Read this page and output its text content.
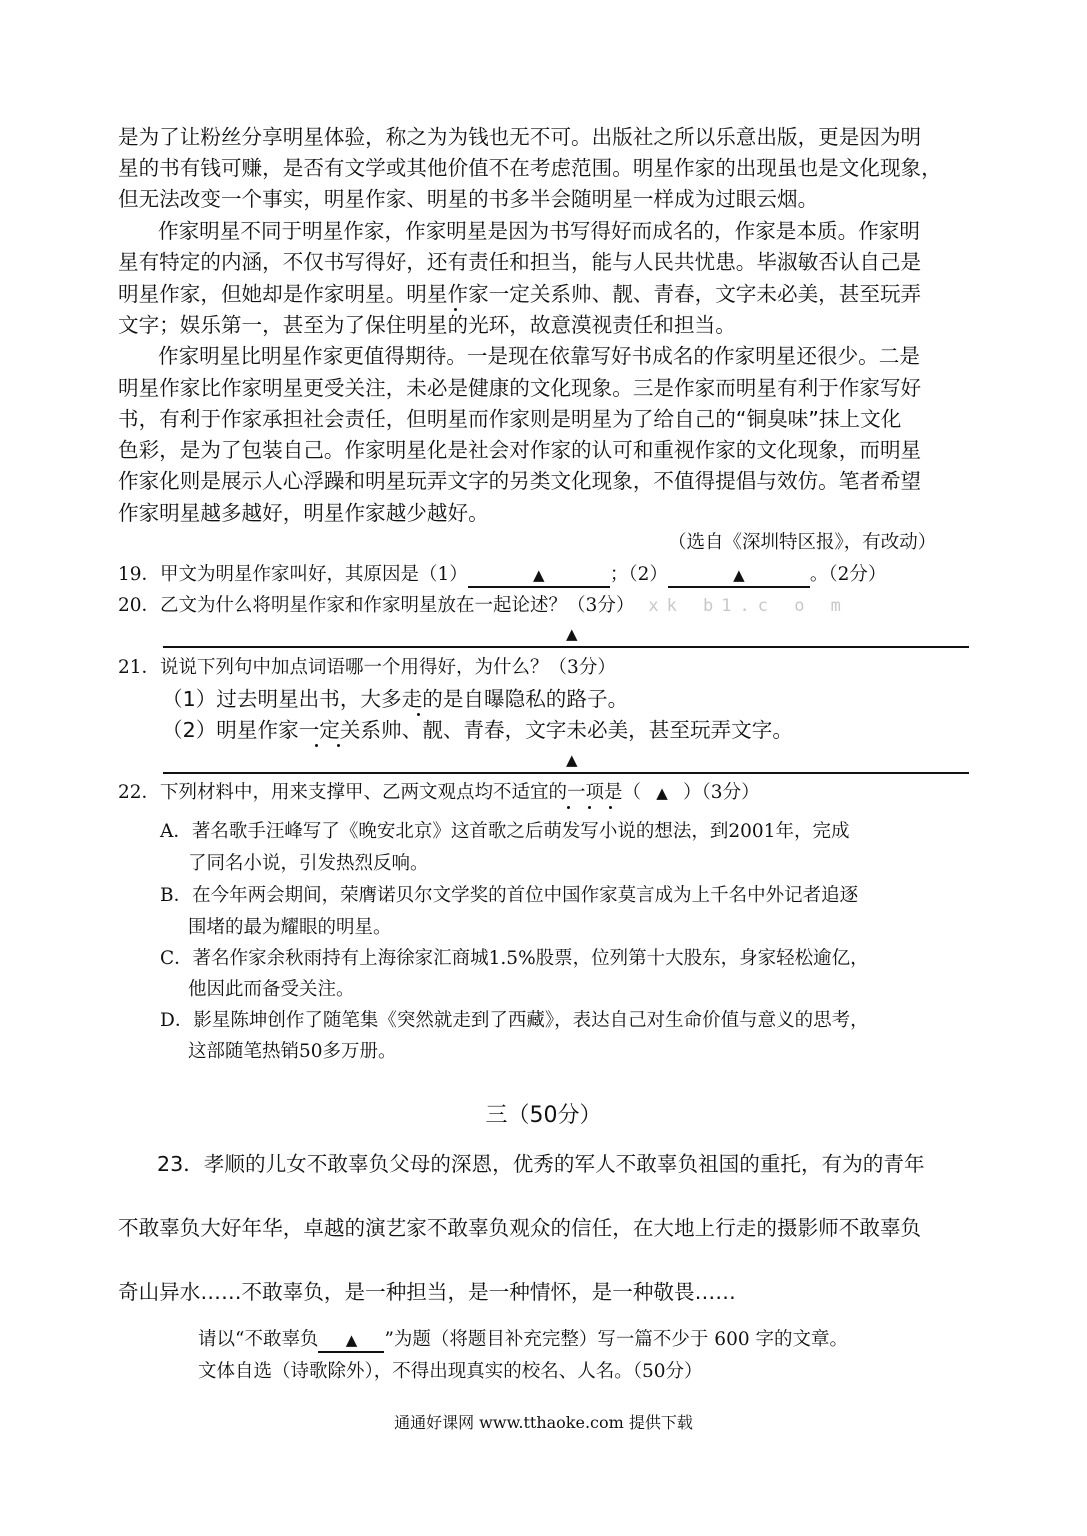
是为了让粉丝分享明星体验，称之为为钱也无不可。出版社之所以乐意出版，更是因为明
星的书有钱可赚，是否有文学或其他价值不在考虑范围。明星作家的出现虽也是文化现象，
但无法改变一个事实，明星作家、明星的书多半会随明星一样成为过眼云烟。
作家明星不同于明星作家，作家明星是因为书写得好而成名的，作家是本质。作家明
星有特定的内涵，不仅书写得好，还有责任和担当，能与人民共忧患。毕淑敏否认自己是
明星作家，但她却是作家明星。明星作家一定关系帅、靓、青春，文字未必美，甚至玩弄
文字；娱乐第一，甚至为了保住明星的光环，故意漠视责任和担当。
作家明星比明星作家更值得期待。一是现在依靠写好书成名的作家明星还很少。二是
明星作家比作家明星更受关注，未必是健康的文化现象。三是作家而明星有利于作家写好
书，有利于作家承担社会责任，但明星而作家则是明星为了给自己的“铜臭味”抹上文化
色彩，是为了包装自己。作家明星化是社会对作家的认可和重视作家的文化现象，而明星
作家化则是展示人心浮躁和明星玩弄文字的另类文化现象，不值得提倡与效仿。笔者希望
作家明星越多越好，明星作家越少越好。
（选自《深圳特区报》，有改动）
19．甲文为明星作家叫好，其原因是（1）	▲	；（2）	▲	。（2分）
20．乙文为什么将明星作家和作家明星放在一起论述？（3分） xk b1.c o m
▲
21．说说下列句中加点词语哪一个用得好，为什么？（3分）
（1）过去明星出书，大多走的是自曝隐私的路子。
（2）明星作家一定关系帅、靓、青春，文字未必美，甚至玩弄文字。
▲
22．下列材料中，用来支撑甲、乙两文观点均不适宜的一项是（ ▲ ）（3分）
A．著名歌手汪峰写了《晚安北京》这首歌之后萌发写小说的想法，到2001年，完成
了同名小说，引发热烈反响。
B．在今年两会期间，荣膺诺贝尔文学奖的首位中国作家莫言成为上千名中外记者追逐
围堵的最为耀眼的明星。
C．著名作家余秋雨持有上海徐家汇商城1.5%股票，位列第十大股东，身家轻松逾亿，
他因此而备受关注。
D．影星陈坤创作了随笔集《突然就走到了西藏》，表达自己对生命价值与意义的思考，
这部随笔热销50多万册。
三（50分）
23．孝顺的儿女不敢辜负父母的深恩，优秀的军人不敢辜负祖国的重托，有为的青年
不敢辜负大好年华，卓越的演艺家不敢辜负观众的信任，在大地上行走的摄影师不敢辜负
奇山异水……不敢辜负，是一种担当，是一种情怀，是一种敬畏……
请以“不敢辜负 ▲ ”为题（将题目补充完整）写一篇不少于 600 字的文章。
文体自选（诗歌除外），不得出现真实的校名、人名。（50分）
通通好课网 www.tthaoke.com 提供下载
